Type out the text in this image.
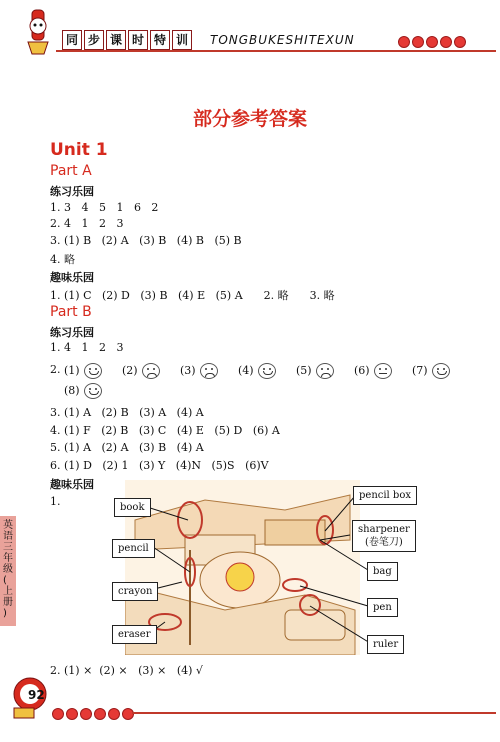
同 步 课 时 特 训	TONGBUKESHITEXUN
英语三年级(上册)
部分参考答案
Unit 1
Part A
练习乐园
1. 3   4   5   1   6   2
2. 4   1   2   3
3. (1) B   (2) A   (3) B   (4) B   (5) B
4. 略
趣味乐园
1. (1) C   (2) D   (3) B   (4) E   (5) A      2. 略      3. 略
Part B
练习乐园
1. 4   1   2   3
2. (1)	(2)	(3)	(4)	(5)	(6)	(7)
(8)
3. (1) A   (2) B   (3) A   (4) A
4. (1) F   (2) B   (3) C   (4) E   (5) D   (6) A
5. (1) A   (2) A   (3) B   (4) A
6. (1) D   (2) 1   (3) Y   (4)N   (5)S   (6)V
趣味乐园
1.	book
pencil
crayon
eraser
pencil box
sharpener
(卷笔刀)
bag
pen
ruler
2. (1) ×  (2) ×   (3) ×   (4) √
92
